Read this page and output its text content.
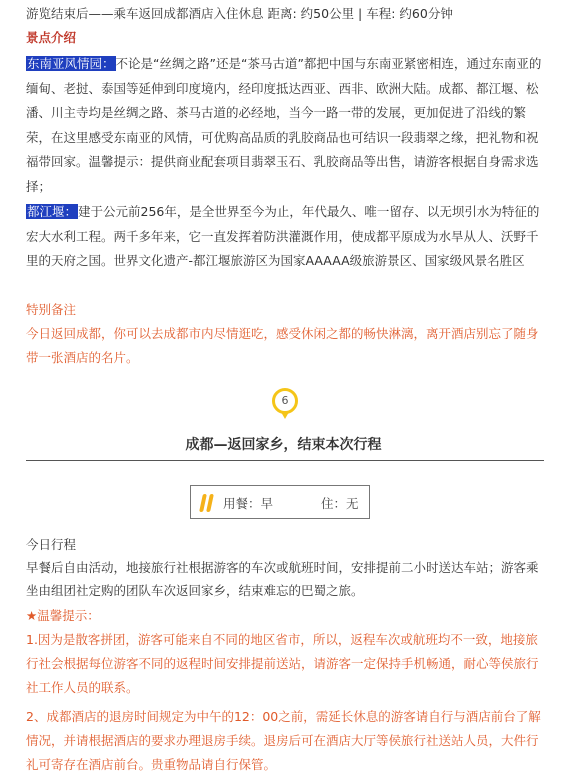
游览结束后——乘车返回成都酒店入住休息 距离: 约50公里 | 车程: 约60分钟

景点介绍

东南亚风情园：不论是“丝绸之路”还是“茶马古道”都把中国与东南亚紧密相连，通过东南亚的缅甸、老挝、泰国等延伸到印度境内，经印度抵达西亚、西非、欧洲大陆。成都、都江堰、松潘、川主寺均是丝绸之路、茶马古道的必经地，当今一路一带的发展，更加促进了沿线的繁荣，在这里感受东南亚的风情，可优购高品质的乳胶商品也可结识一段翡翠之缘，把礼物和祝福带回家。温馨提示：提供商业配套项目翡翠玉石、乳胶商品等出售，请游客根据自身需求选择；

都江堰：建于公元前256年，是全世界至今为止，年代最久、唯一留存、以无坝引水为特征的宏大水利工程。两千多年来，它一直发挥着防洪灌溉作用，使成都平原成为水旱从人、沃野千里的天府之国。世界文化遗产-都江堰旅游区为国家AAAAA级旅游景区、国家级风景名胜区

特别备注

今日返回成都，你可以去成都市内尽情逛吃，感受休闲之都的畅快淋漓，离开酒店别忘了随身带一张酒店的名片。

6
成都—返回家乡，结束本次行程
用餐：早	住：无

今日行程

早餐后自由活动，地接旅行社根据游客的车次或航班时间，安排提前二小时送达车站；游客乘坐由组团社定购的团队车次返回家乡，结束难忘的巴蜀之旅。

★温馨提示：

1.因为是散客拼团，游客可能来自不同的地区省市，所以，返程车次或航班均不一致，地接旅行社会根据每位游客不同的返程时间安排提前送站，请游客一定保持手机畅通，耐心等侯旅行社工作人员的联系。

2、成都酒店的退房时间规定为中午的12：00之前，需延长休息的游客请自行与酒店前台了解情况，并请根据酒店的要求办理退房手续。退房后可在酒店大厅等侯旅行社送站人员，大件行礼可寄存在酒店前台。贵重物品请自行保管。
